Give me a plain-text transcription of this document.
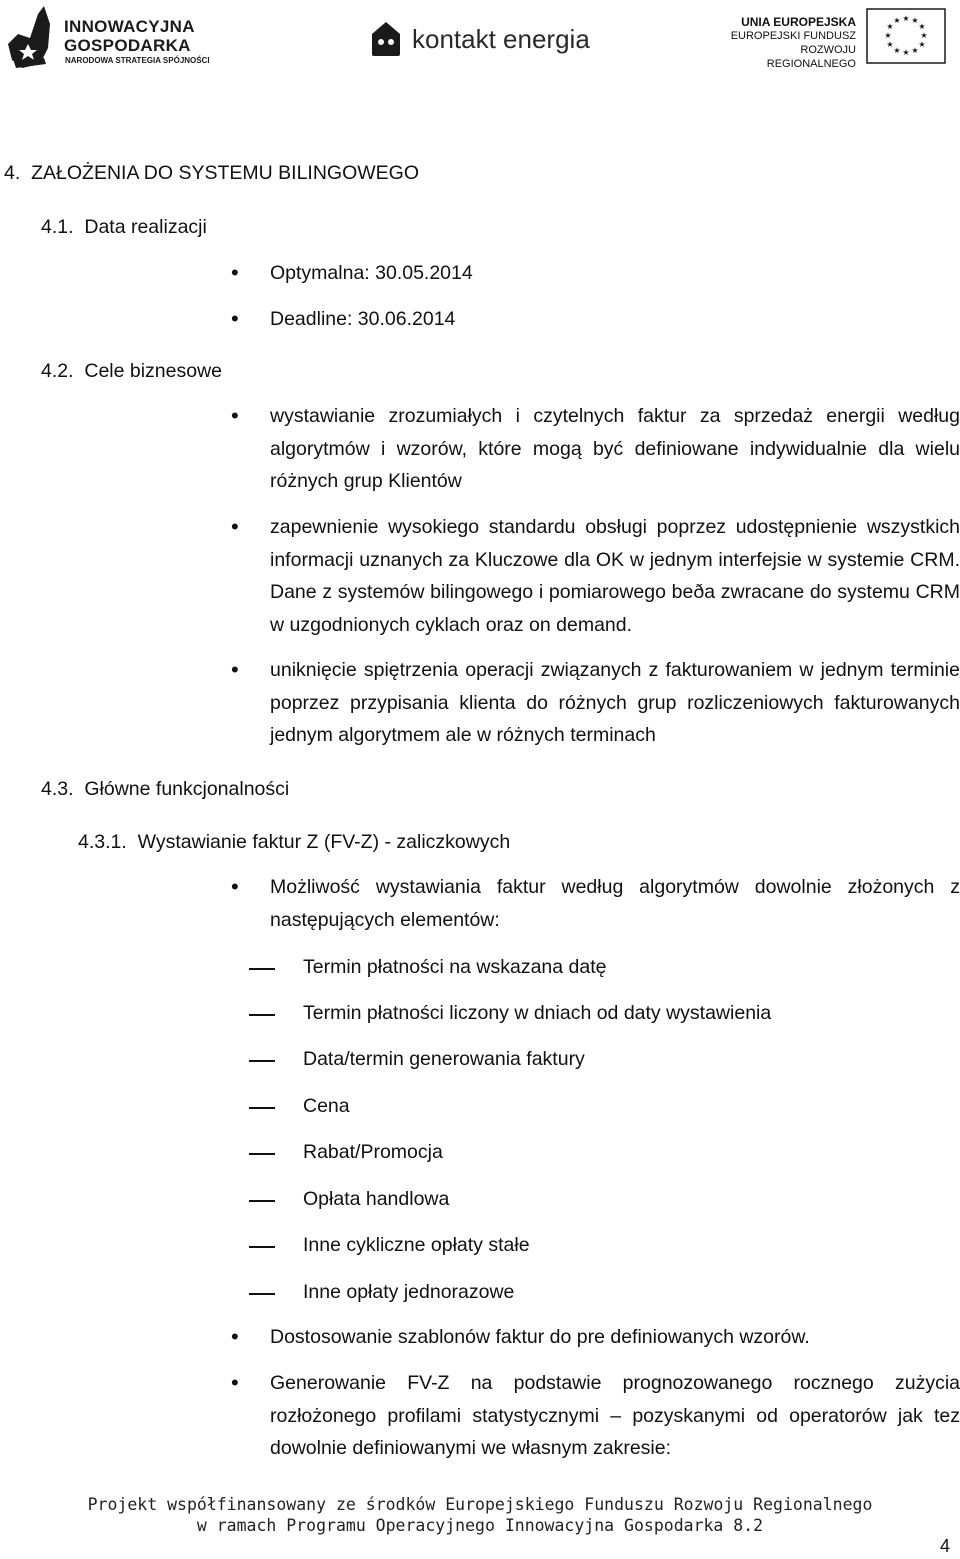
INNOWACYJNA
GOSPODARKA
NARODOWA STRATEGIA SPÓJNOŚCI
kontakt energia
UNIA EUROPEJSKA
EUROPEJSKI FUNDUSZ
ROZWOJU REGIONALNEGO
★ ★
★
★
★
★
★
★
★
★
★
★
4.  ZAŁOŻENIA DO SYSTEMU BILINGOWEGO
4.1.  Data realizacji
• Optymalna: 30.05.2014
• Deadline: 30.06.2014
4.2.  Cele biznesowe
• wystawianie zrozumiałych i czytelnych faktur za sprzedaż energii według algorytmów i wzorów, które mogą być definiowane indywidualnie dla wielu różnych grup Klientów
• zapewnienie wysokiego standardu obsługi poprzez udostępnienie wszystkich informacji uznanych za Kluczowe dla OK w jednym interfejsie w systemie CRM. Dane z systemów bilingowego i pomiarowego beða zwracane do systemu CRM w uzgodnionych cyklach oraz on demand.
• uniknięcie spiętrzenia operacji związanych z fakturowaniem w jednym terminie poprzez przypisania klienta do różnych grup rozliczeniowych fakturowanych jednym algorytmem ale w różnych terminach
4.3.  Główne funkcjonalności
4.3.1.  Wystawianie faktur Z (FV-Z) - zaliczkowych
• Możliwość wystawiania faktur według algorytmów dowolnie złożonych z następujących elementów:
Termin płatności na wskazana datę
Termin płatności liczony w dniach od daty wystawienia
Data/termin generowania faktury
Cena
Rabat/Promocja
Opłata handlowa
Inne cykliczne opłaty stałe
Inne opłaty jednorazowe
• Dostosowanie szablonów faktur do pre definiowanych wzorów.
• Generowanie FV-Z na podstawie prognozowanego rocznego zużycia rozłożonego profilami statystycznymi – pozyskanymi od operatorów jak tez dowolnie definiowanymi we własnym zakresie:
Projekt współfinansowany ze środków Europejskiego Funduszu Rozwoju Regionalnego
w ramach Programu Operacyjnego Innowacyjna Gospodarka 8.2
4
